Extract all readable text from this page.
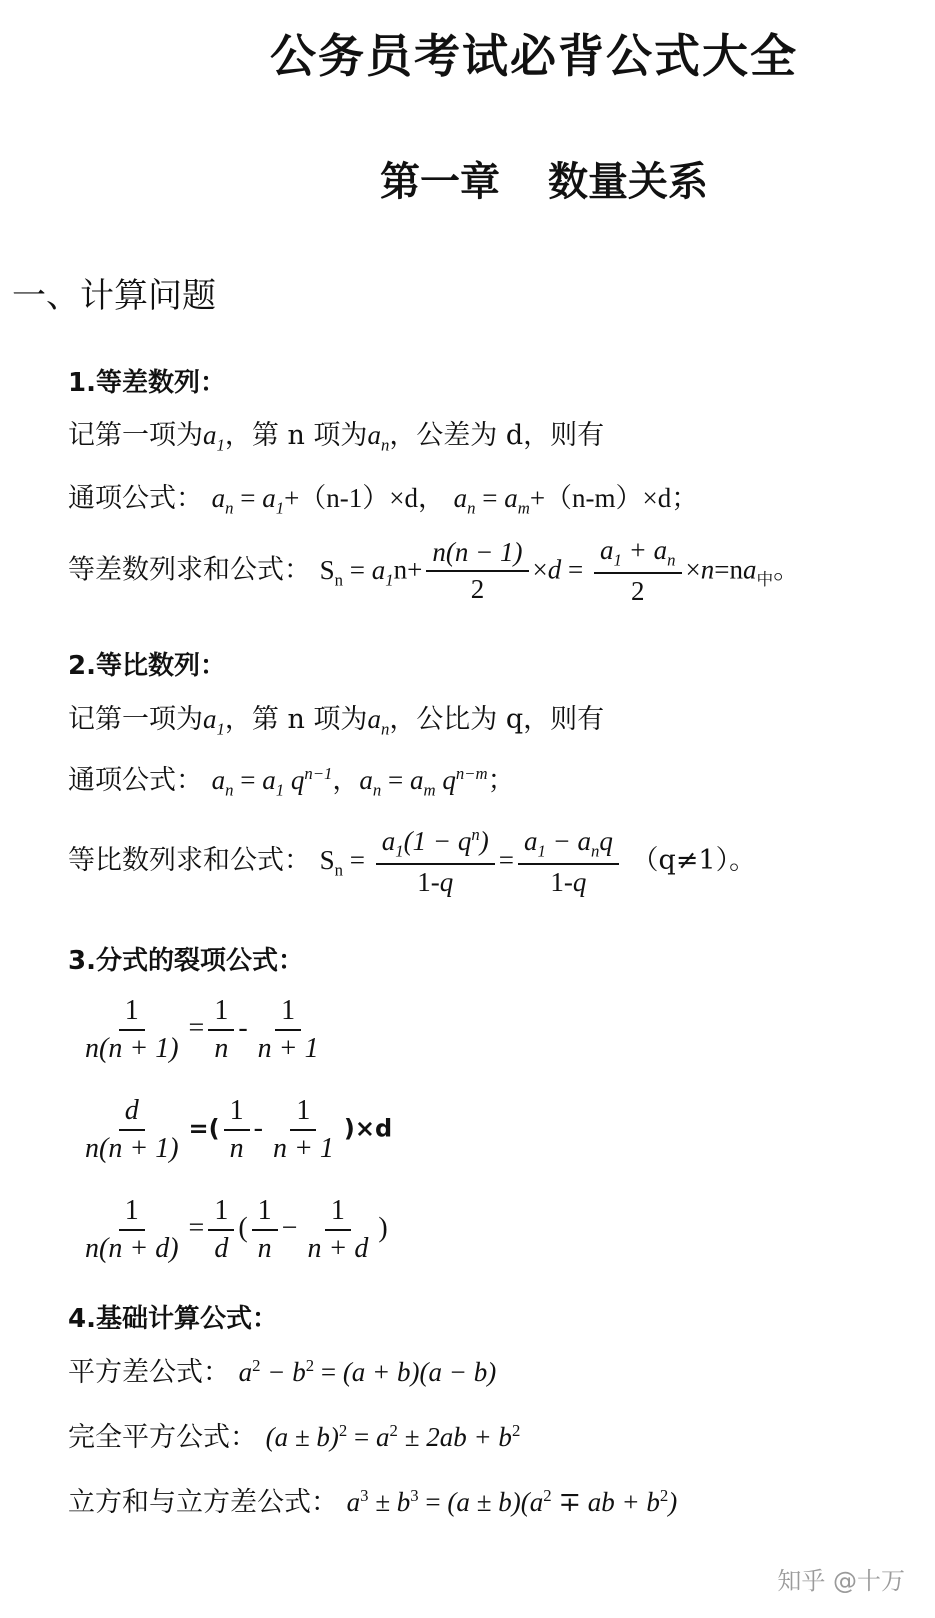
公务员考试必背公式大全
第一章 数量关系
一、计算问题
1.等差数列：
记第一项为$a_1$，第 n 项为$a_n$，公差为 d，则有
通项公式： $a_n = a_1+(n-1)\times d$， $a_n = a_m+(n-m)\times d$；
等差数列求和公式： $S_n = a_1n+ \frac{n(n - 1)}{2} \times d = \frac{a_1 + a_n}{2} \times n=na_中$。
2.等比数列：
记第一项为$a_1$，第 n 项为$a_n$，公比为 q，则有
通项公式： $a_n = a_1$ $q^{n-1}$，$a_n = a_m$ $q^{n-m}$；
等比数列求和公式： $S_n = \frac{a_1(1 - q^n)}{1-q} = \frac{a_1 - a_nq}{1-q} (q\ne 1)$。
3.分式的裂项公式：
$\frac{1}{n(n + 1)} = \frac{1}{n} - \frac{1}{n + 1}$
$\frac{d}{n(n + 1)}$ =( $\frac{1}{n} - \frac{1}{n + 1} )\times d$
$\frac{1}{n(n + d)} = \frac{1}{d}$ ( $\frac{1}{n} - \frac{1}{n + d}$ )
4.基础计算公式：
平方差公式： $a^2 - b^2 = (a + b)(a - b)$
完全平方公式： $(a \pm b)^2 = a^2 \pm 2ab + b^2$
立方和与立方差公式： $a^3 \pm b^3 = (a \pm b)(a^2$ ∓ ab + $b^2$)
知乎 @十万
